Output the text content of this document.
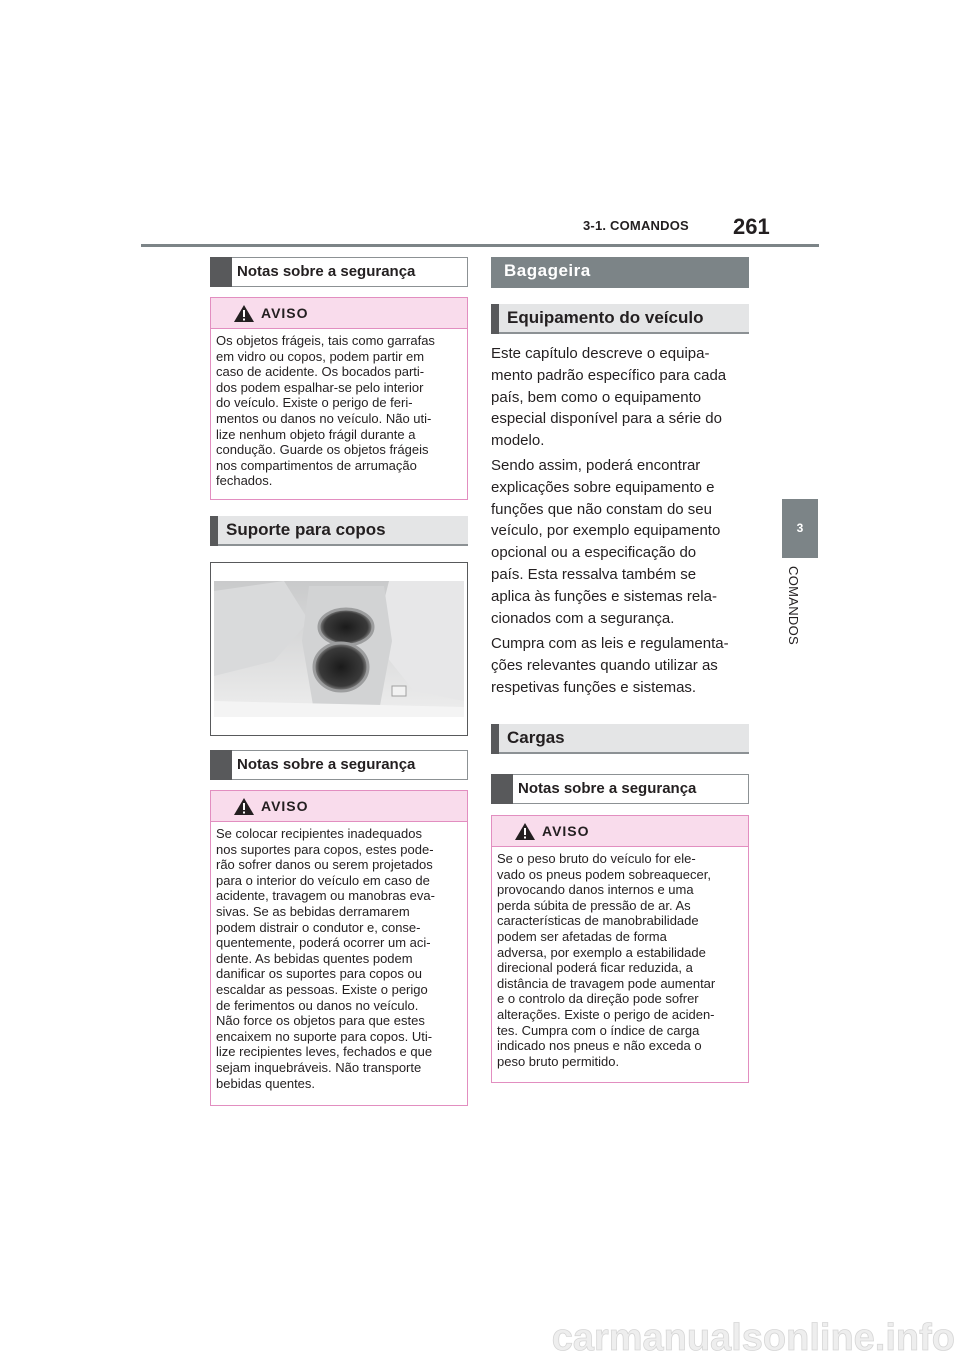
3-1. COMANDOS 261
3
COMANDOS
Notas sobre a segurança
AVISO
Os objetos frágeis, tais como garrafas
em vidro ou copos, podem partir em
caso de acidente. Os bocados parti-
dos podem espalhar-se pelo interior
do veículo. Existe o perigo de feri-
mentos ou danos no veículo. Não uti-
lize nenhum objeto frágil durante a
condução. Guarde os objetos frágeis
nos compartimentos de arrumação
fechados.
Suporte para copos
Notas sobre a segurança
AVISO
Se colocar recipientes inadequados
nos suportes para copos, estes pode-
rão sofrer danos ou serem projetados
para o interior do veículo em caso de
acidente, travagem ou manobras eva-
sivas. Se as bebidas derramarem
podem distrair o condutor e, conse-
quentemente, poderá ocorrer um aci-
dente. As bebidas quentes podem
danificar os suportes para copos ou
escaldar as pessoas. Existe o perigo
de ferimentos ou danos no veículo.
Não force os objetos para que estes
encaixem no suporte para copos. Uti-
lize recipientes leves, fechados e que
sejam inquebráveis. Não transporte
bebidas quentes.
Bagageira
Equipamento do veículo
Este capítulo descreve o equipa-
mento padrão específico para cada
país, bem como o equipamento
especial disponível para a série do
modelo.
Sendo assim, poderá encontrar
explicações sobre equipamento e
funções que não constam do seu
veículo, por exemplo equipamento
opcional ou a especificação do
país. Esta ressalva também se
aplica às funções e sistemas rela-
cionados com a segurança.
Cumpra com as leis e regulamenta-
ções relevantes quando utilizar as
respetivas funções e sistemas.
Cargas
Notas sobre a segurança
AVISO
Se o peso bruto do veículo for ele-
vado os pneus podem sobreaquecer,
provocando danos internos e uma
perda súbita de pressão de ar. As
características de manobrabilidade
podem ser afetadas de forma
adversa, por exemplo a estabilidade
direcional poderá ficar reduzida, a
distância de travagem pode aumentar
e o controlo da direção pode sofrer
alterações. Existe o perigo de aciden-
tes. Cumpra com o índice de carga
indicado nos pneus e não exceda o
peso bruto permitido.
carmanualsonline.info
